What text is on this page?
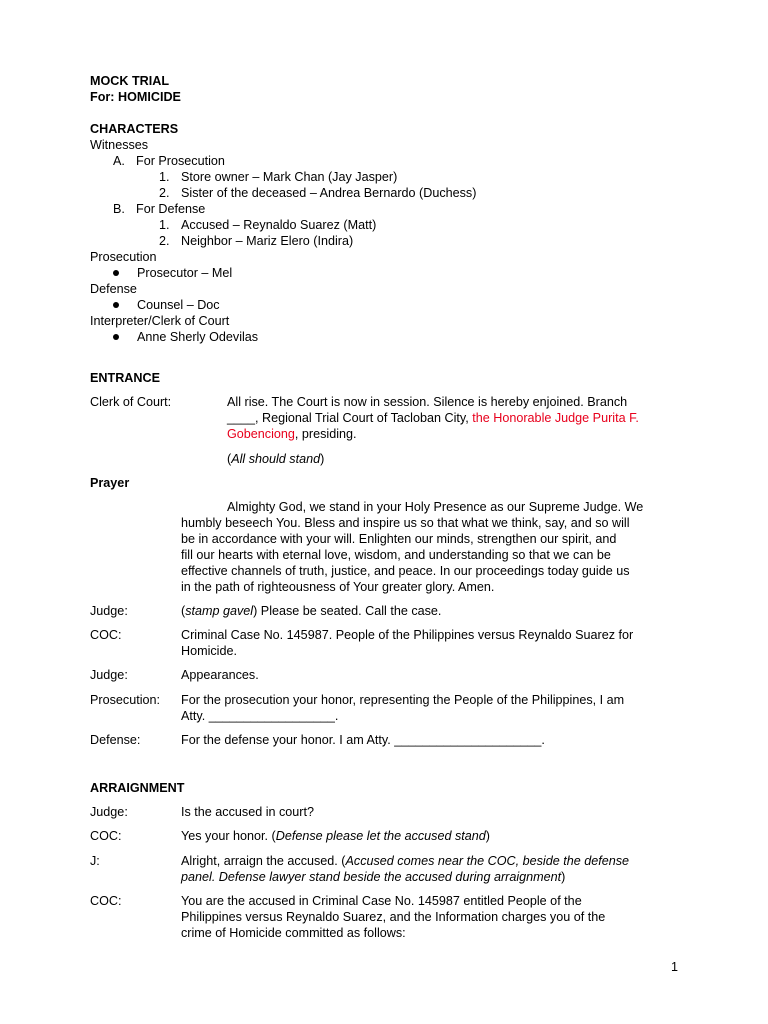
MOCK TRIAL
For: HOMICIDE
CHARACTERS
Witnesses
A. For Prosecution
1. Store owner – Mark Chan (Jay Jasper)
2. Sister of the deceased – Andrea Bernardo (Duchess)
B. For Defense
1. Accused – Reynaldo Suarez (Matt)
2. Neighbor – Mariz Elero (Indira)
Prosecution
Prosecutor – Mel
Defense
Counsel – Doc
Interpreter/Clerk of Court
Anne Sherly Odevilas
ENTRANCE
Clerk of Court:	All rise. The Court is now in session. Silence is hereby enjoined. Branch
____, Regional Trial Court of Tacloban City, the Honorable Judge Purita F.
Gobenciong, presiding.
(All should stand)
Prayer
Almighty God, we stand in your Holy Presence as our Supreme Judge. We
humbly beseech You. Bless and inspire us so that what we think, say, and so will
be in accordance with your will. Enlighten our minds, strengthen our spirit, and
fill our hearts with eternal love, wisdom, and understanding so that we can be
effective channels of truth, justice, and peace. In our proceedings today guide us
in the path of righteousness of Your greater glory. Amen.
Judge:	(stamp gavel) Please be seated. Call the case.
COC:	Criminal Case No. 145987. People of the Philippines versus Reynaldo Suarez for
Homicide.
Judge:	Appearances.
Prosecution: For the prosecution your honor, representing the People of the Philippines, I am
Atty. __________________.
Defense:	For the defense your honor. I am Atty. _____________________.
ARRAIGNMENT
Judge:	Is the accused in court?
COC:	Yes your honor. (Defense please let the accused stand)
J:	Alright, arraign the accused. (Accused comes near the COC, beside the defense
panel. Defense lawyer stand beside the accused during arraignment)
COC:	You are the accused in Criminal Case No. 145987 entitled People of the
Philippines versus Reynaldo Suarez, and the Information charges you of the
crime of Homicide committed as follows:
1
